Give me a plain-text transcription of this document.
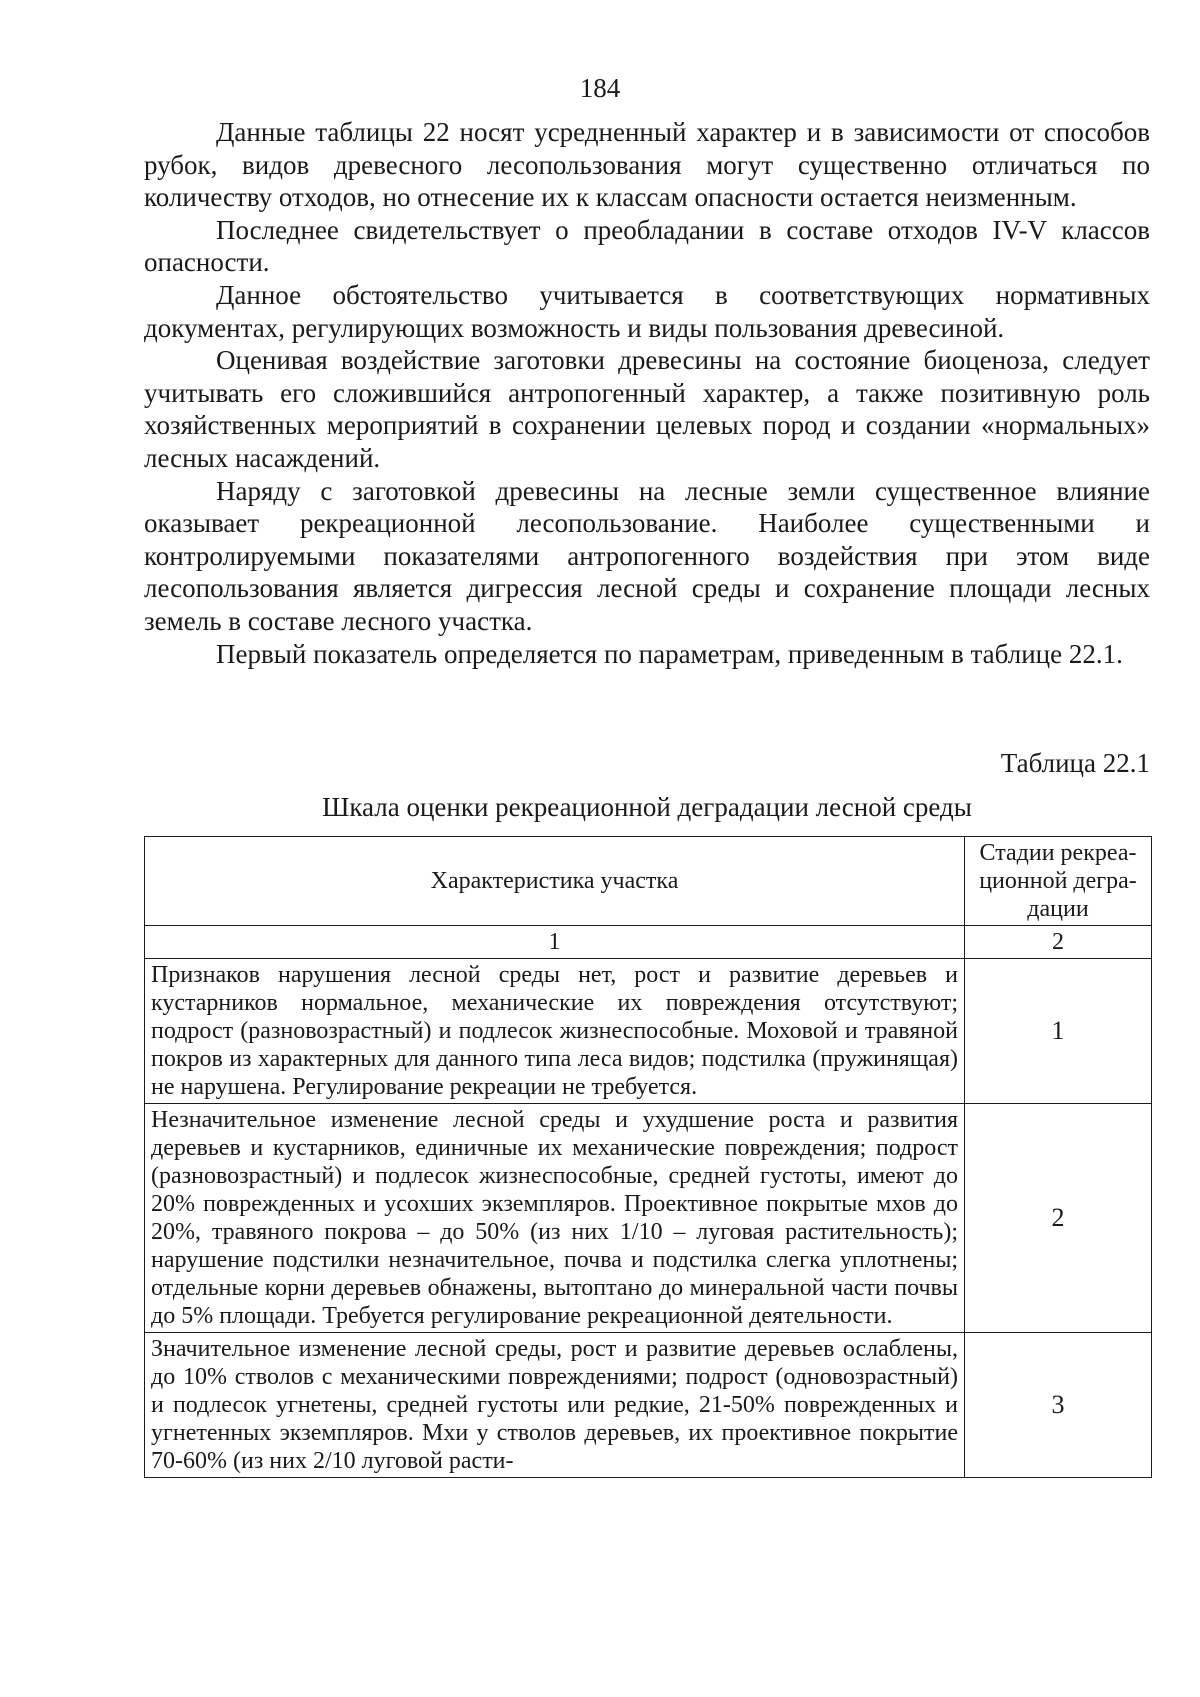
184

Данные таблицы 22 носят усредненный характер и в зависимости от способов рубок, видов древесного лесопользования могут существенно отличаться по количеству отходов, но отнесение их к классам опасности остается неизменным.

Последнее свидетельствует о преобладании в составе отходов IV-V классов опасности.

Данное обстоятельство учитывается в соответствующих нормативных документах, регулирующих возможность и виды пользования древесиной.

Оценивая воздействие заготовки древесины на состояние биоценоза, следует учитывать его сложившийся антропогенный характер, а также позитивную роль хозяйственных мероприятий в сохранении целевых пород и создании «нормальных» лесных насаждений.

Наряду с заготовкой древесины на лесные земли существенное влияние оказывает рекреационной лесопользование. Наиболее существенными и контролируемыми показателями антропогенного воздействия при этом виде лесопользования является дигрессия лесной среды и сохранение площади лесных земель в составе лесного участка.

Первый показатель определяется по параметрам, приведенным в таблице 22.1.

Таблица 22.1
Шкала оценки рекреационной деградации лесной среды
Характеристика участка	Стадии рекреа-ционной дегра-дации
1	2
Признаков нарушения лесной среды нет, рост и развитие деревьев и кустарников нормальное, механические их повреждения отсутствуют; подрост (разновозрастный) и подлесок жизнеспособные. Моховой и травяной покров из характерных для данного типа леса видов; подстилка (пружинящая) не нарушена. Регулирование рекреации не требуется.	1
Незначительное изменение лесной среды и ухудшение роста и развития деревьев и кустарников, единичные их механические повреждения; подрост (разновозрастный) и подлесок жизнеспособные, средней густоты, имеют до 20% поврежденных и усохших экземпляров. Проективное покрытые мхов до 20%, травяного покрова – до 50% (из них 1/10 – луговая растительность); нарушение подстилки незначительное, почва и подстилка слегка уплотнены; отдельные корни деревьев обнажены, вытоптано до минеральной части почвы до 5% площади. Требуется регулирование рекреационной деятельности.	2
Значительное изменение лесной среды, рост и развитие деревьев ослаблены, до 10% стволов с механическими повреждениями; подрост (одновозрастный) и подлесок угнетены, средней густоты или редкие, 21-50% поврежденных и угнетенных экземпляров. Мхи у стволов деревьев, их проективное покрытие 70-60% (из них 2/10 луговой расти-	3
